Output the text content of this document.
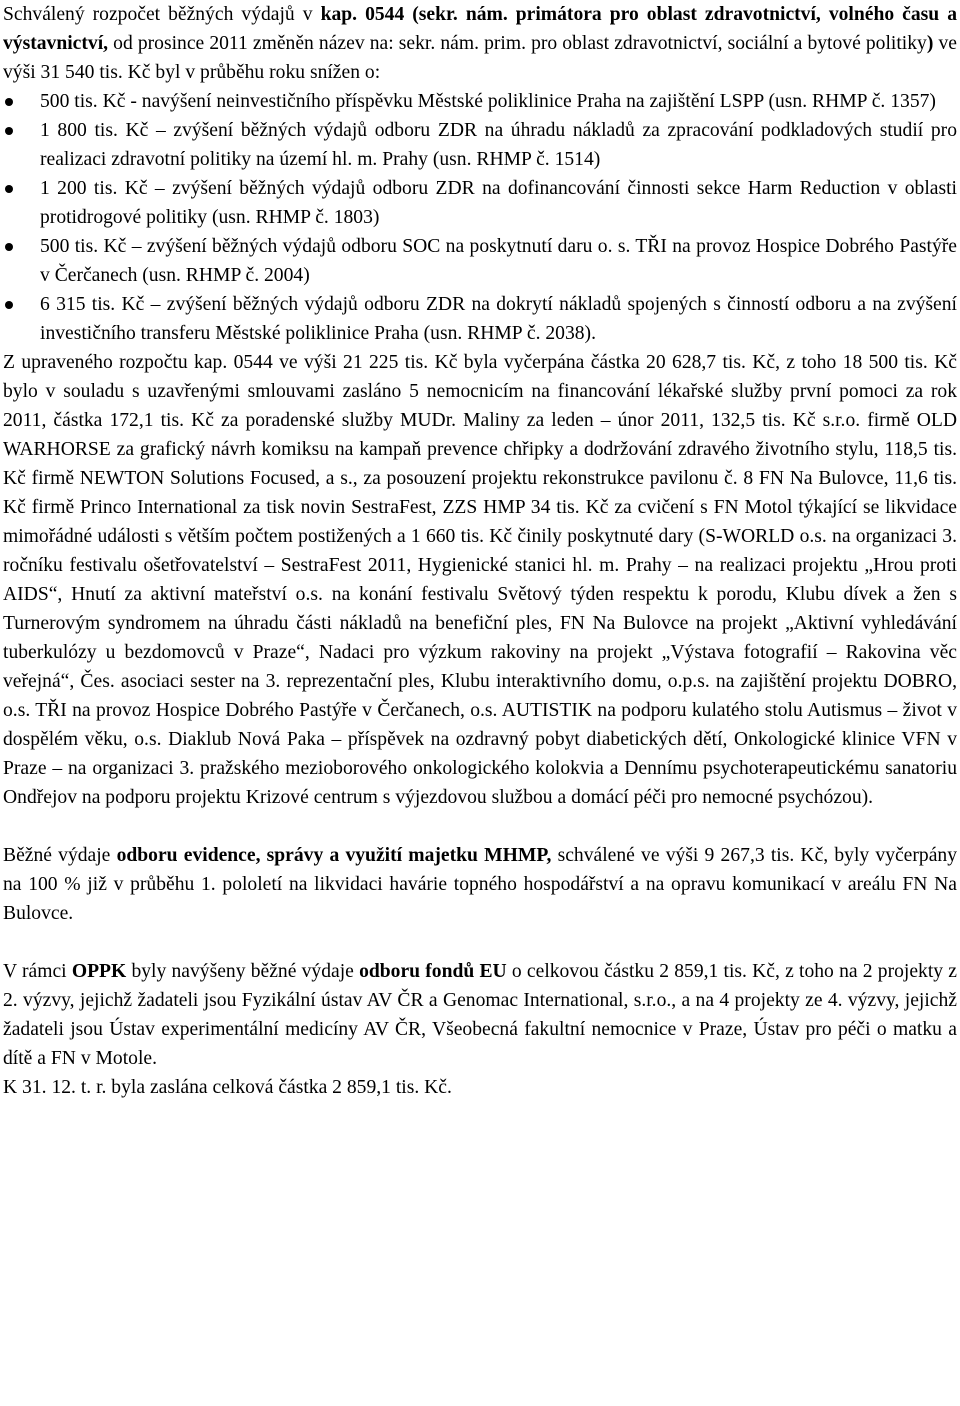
Schválený rozpočet běžných výdajů v kap. 0544 (sekr. nám. primátora pro oblast zdravotnictví, volného času a výstavnictví, od prosince 2011 změněn název na: sekr. nám. prim. pro oblast zdravotnictví, sociální a bytové politiky) ve výši 31 540 tis. Kč byl v průběhu roku snížen o:

500 tis. Kč - navýšení neinvestičního příspěvku Městské poliklinice Praha na zajištění LSPP (usn. RHMP č. 1357)
1 800 tis. Kč – zvýšení běžných výdajů odboru ZDR na úhradu nákladů za zpracování podkladových studií pro realizaci zdravotní politiky na území hl. m. Prahy (usn. RHMP č. 1514)
1 200 tis. Kč – zvýšení běžných výdajů odboru ZDR na dofinancování činnosti sekce Harm Reduction v oblasti protidrogové politiky (usn. RHMP č. 1803)
500 tis. Kč – zvýšení běžných výdajů odboru SOC na poskytnutí daru o. s. TŘI na provoz Hospice Dobrého Pastýře v Čerčanech (usn. RHMP č. 2004)
6 315 tis. Kč – zvýšení běžných výdajů odboru ZDR na dokrytí nákladů spojených s činností odboru a na zvýšení investičního transferu Městské poliklinice Praha (usn. RHMP č. 2038).

Z upraveného rozpočtu kap. 0544 ve výši 21 225 tis. Kč byla vyčerpána částka 20 628,7 tis. Kč, z toho 18 500 tis. Kč bylo v souladu s uzavřenými smlouvami zasláno 5 nemocnicím na financování lékařské služby první pomoci za rok 2011, částka 172,1 tis. Kč za poradenské služby MUDr. Maliny za leden – únor 2011, 132,5 tis. Kč s.r.o. firmě OLD WARHORSE za grafický návrh komiksu na kampaň prevence chřipky a dodržování zdravého životního stylu, 118,5 tis. Kč firmě NEWTON Solutions Focused, a s., za posouzení projektu rekonstrukce pavilonu č. 8 FN Na Bulovce, 11,6 tis. Kč firmě Princo International za tisk novin SestraFest, ZZS HMP 34 tis. Kč za cvičení s FN Motol týkající se likvidace mimořádné události s větším počtem postižených a 1 660 tis. Kč činily poskytnuté dary (S-WORLD o.s. na organizaci 3. ročníku festivalu ošetřovatelství – SestraFest 2011, Hygienické stanici hl. m. Prahy – na realizaci projektu „Hrou proti AIDS“, Hnutí za aktivní mateřství o.s. na konání festivalu Světový týden respektu k porodu, Klubu dívek a žen s Turnerovým syndromem na úhradu části nákladů na benefiční ples, FN Na Bulovce na projekt „Aktivní vyhledávání tuberkulózy u bezdomovců v Praze“, Nadaci pro výzkum rakoviny na projekt „Výstava fotografií – Rakovina věc veřejná“, Čes. asociaci sester na 3. reprezentační ples, Klubu interaktivního domu, o.p.s. na zajištění projektu DOBRO, o.s. TŘI na provoz Hospice Dobrého Pastýře v Čerčanech, o.s. AUTISTIK na podporu kulatého stolu Autismus – život v dospělém věku, o.s. Diaklub Nová Paka – příspěvek na ozdravný pobyt diabetických dětí, Onkologické klinice VFN v Praze – na organizaci 3. pražského mezioborového onkologického kolokvia a Dennímu psychoterapeutickému sanatoriu Ondřejov na podporu projektu Krizové centrum s výjezdovou službou a domácí péči pro nemocné psychózou).

Běžné výdaje odboru evidence, správy a využití majetku MHMP, schválené ve výši 9 267,3 tis. Kč, byly vyčerpány na 100 % již v průběhu 1. pololetí na likvidaci havárie topného hospodářství a na opravu komunikací v areálu FN Na Bulovce.

V rámci OPPK byly navýšeny běžné výdaje odboru fondů EU o celkovou částku 2 859,1 tis. Kč, z toho na 2 projekty z 2. výzvy, jejichž žadateli jsou Fyzikální ústav AV ČR a Genomac International, s.r.o., a na 4 projekty ze 4. výzvy, jejichž žadateli jsou Ústav experimentální medicíny AV ČR, Všeobecná fakultní nemocnice v Praze, Ústav pro péči o matku a dítě a FN v Motole.

K 31. 12. t. r. byla zaslána celková částka 2 859,1 tis. Kč.
